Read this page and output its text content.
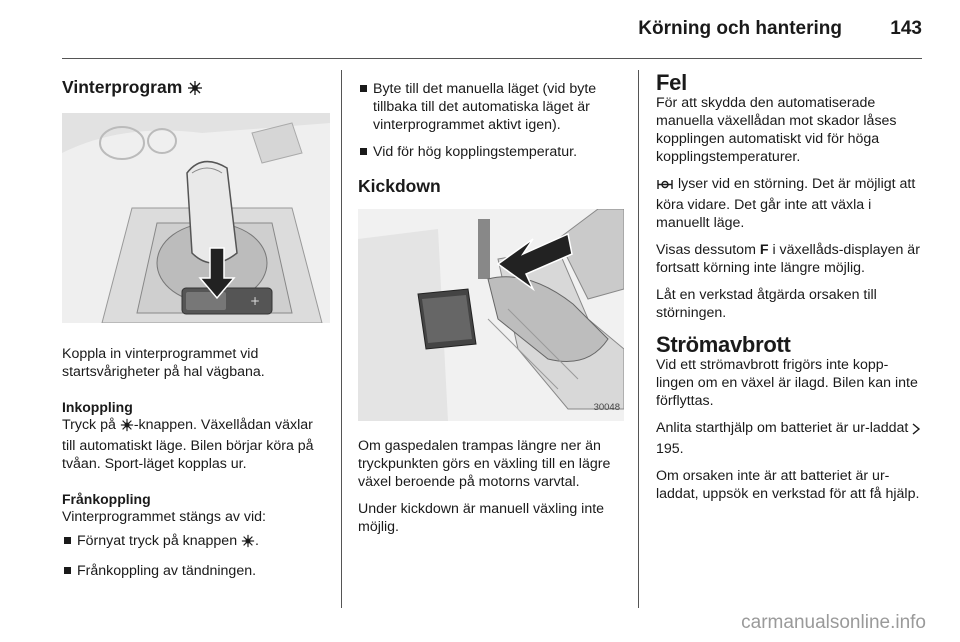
Körning och hantering	143
Vinterprogram
+

Koppla in vinterprogrammet vid startsvårigheter på hal vägbana.

Inkoppling

Tryck på -knappen. Växellådan växlar till automatiskt läge. Bilen börjar köra på tvåan. Sport-läget kopplas ur.

Frånkoppling

Vinterprogrammet stängs av vid:

Förnyat tryck på knappen .
Frånkoppling av tändningen.
Byte till det manuella läget (vid byte tillbaka till det automatiska läget är vinterprogrammet aktivt igen).
Vid för hög kopplingstemperatur.
Kickdown
30048

Om gaspedalen trampas längre ner än tryckpunkten görs en växling till en lägre växel beroende på motorns varvtal.

Under kickdown är manuell växling inte möjlig.

Fel

För att skydda den automatiserade manuella växellådan mot skador låses kopplingen automatiskt vid för höga kopplingstemperaturer.

lyser vid en störning. Det är möjligt att köra vidare. Det går inte att växla i manuellt läge.

Visas dessutom F i växellåds-displayen är fortsatt körning inte längre möjlig.

Låt en verkstad åtgärda orsaken till störningen.

Strömavbrott

Vid ett strömavbrott frigörs inte kopp-lingen om en växel är ilagd. Bilen kan inte förflyttas.

Anlita starthjälp om batteriet är ur-laddat  195.

Om orsaken inte är att batteriet är ur-laddat, uppsök en verkstad för att få hjälp.

carmanualsonline.info
